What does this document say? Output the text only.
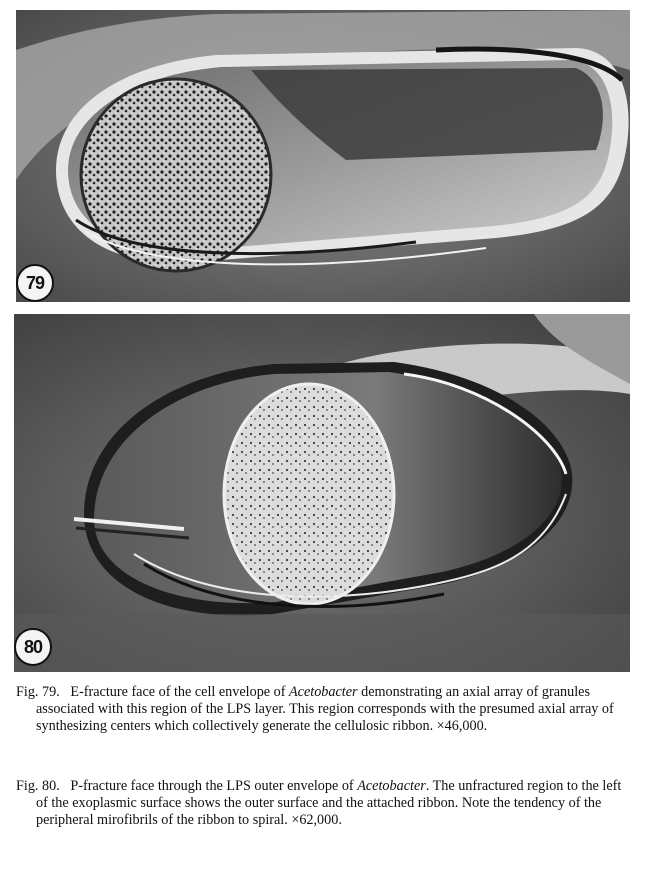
79
80

Fig. 79. E-fracture face of the cell envelope of Acetobacter demonstrating an axial array of granules associated with this region of the LPS layer. This region corresponds with the presumed axial array of synthesizing centers which collectively generate the cellulosic ribbon. ×46,000.

Fig. 80. P-fracture face through the LPS outer envelope of Acetobacter. The unfractured region to the left of the exoplasmic surface shows the outer surface and the attached ribbon. Note the tendency of the peripheral mirofibrils of the ribbon to spiral. ×62,000.
